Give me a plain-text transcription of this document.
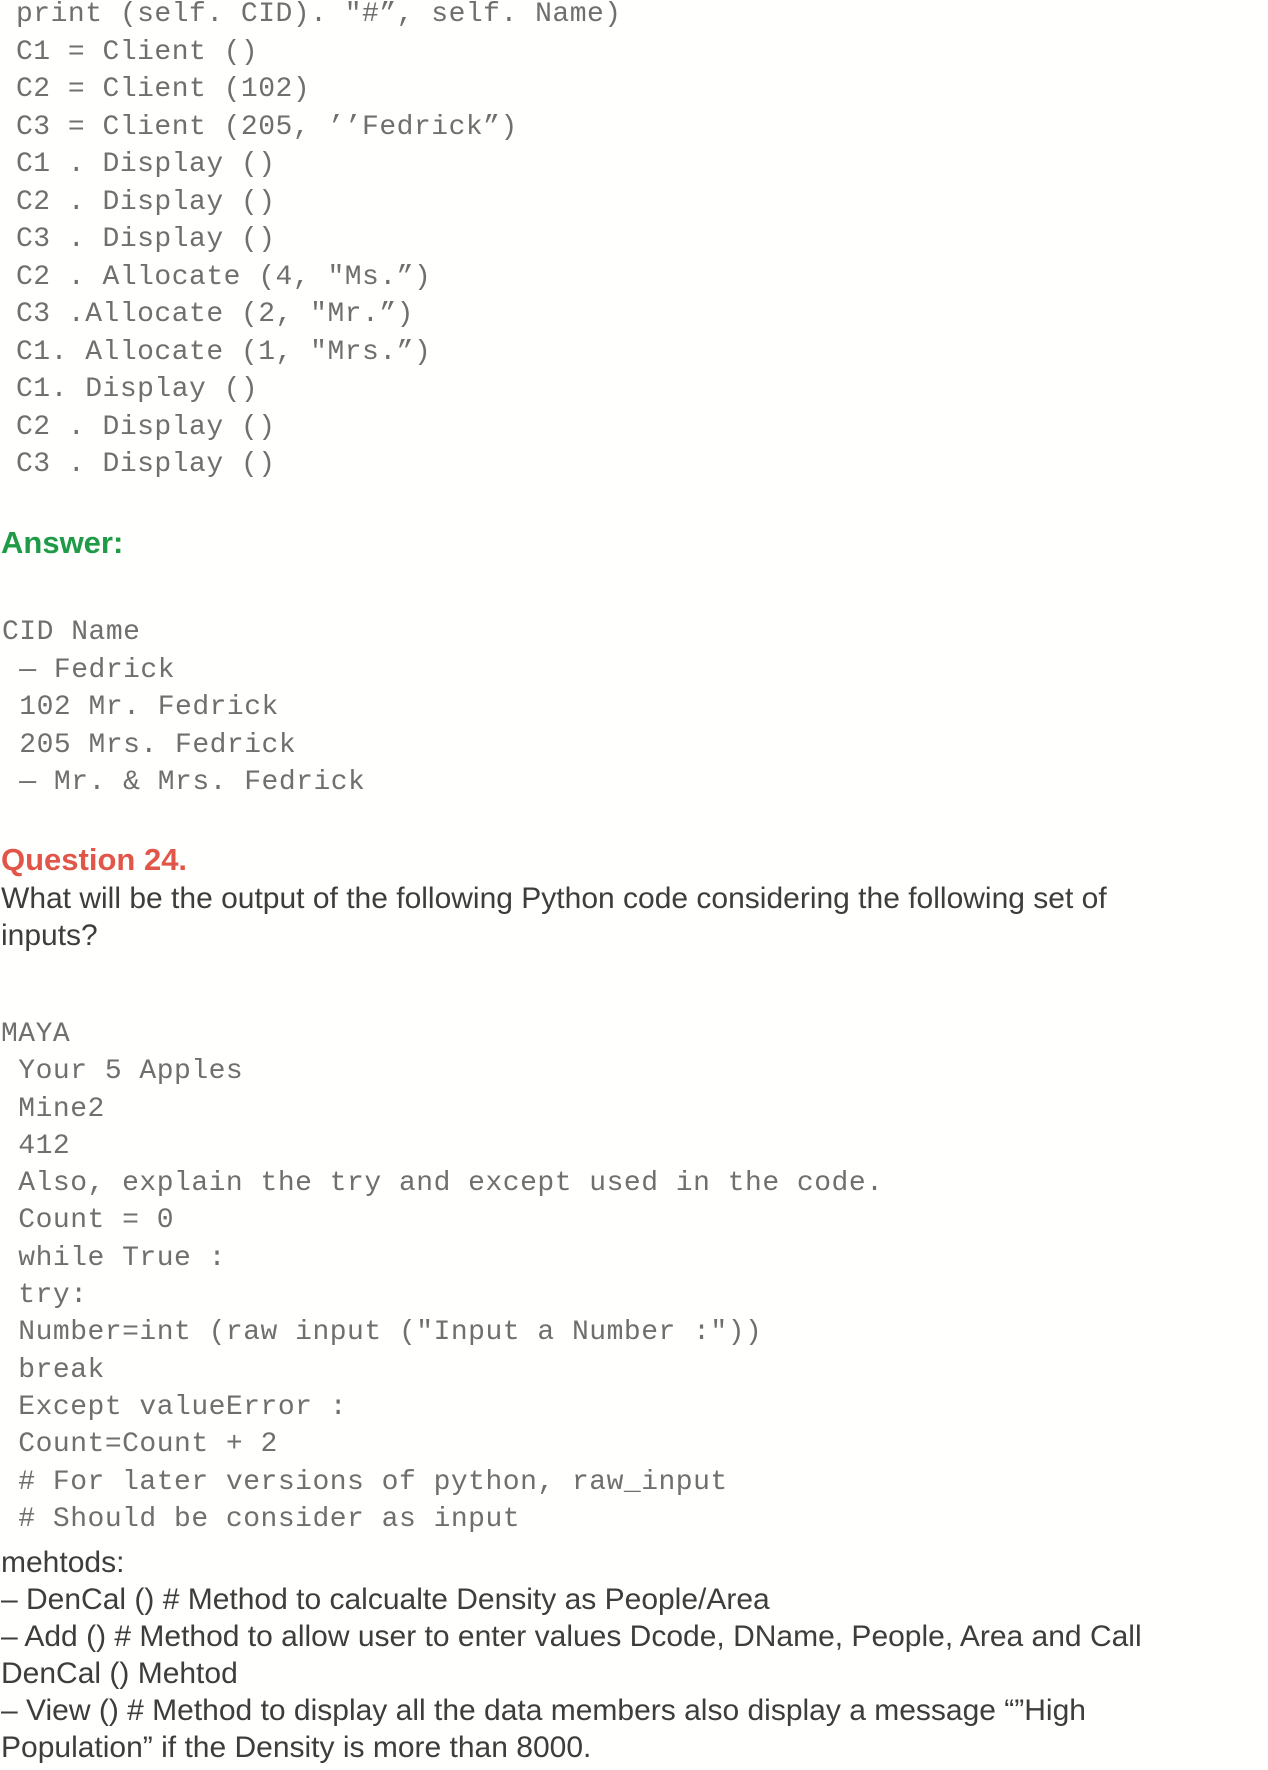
print (self. CID). "#”, self. Name)
C1 = Client ()
C2 = Client (102)
C3 = Client (205, ’’Fedrick”)
C1 . Display ()
C2 . Display ()
C3 . Display ()
C2 . Allocate (4, "Ms.”)
C3 .Allocate (2, "Mr.”)
C1. Allocate (1, "Mrs.”)
C1. Display ()
C2 . Display ()
C3 . Display ()
Answer:
CID Name
— Fedrick
102 Mr. Fedrick
205 Mrs. Fedrick
— Mr. & Mrs. Fedrick
Question 24.
What will be the output of the following Python code considering the following set of
inputs?
MAYA
Your 5 Apples
Mine2
412
Also, explain the try and except used in the code.
Count = 0
while True :
try:
Number=int (raw input ("Input a Number :"))
break
Except valueError :
Count=Count + 2
# For later versions of python, raw_input
# Should be consider as input
mehtods:
– DenCal () # Method to calcualte Density as People/Area
– Add () # Method to allow user to enter values Dcode, DName, People, Area and Call
DenCal () Mehtod
– View () # Method to display all the data members also display a message “”High
Population” if the Density is more than 8000.
